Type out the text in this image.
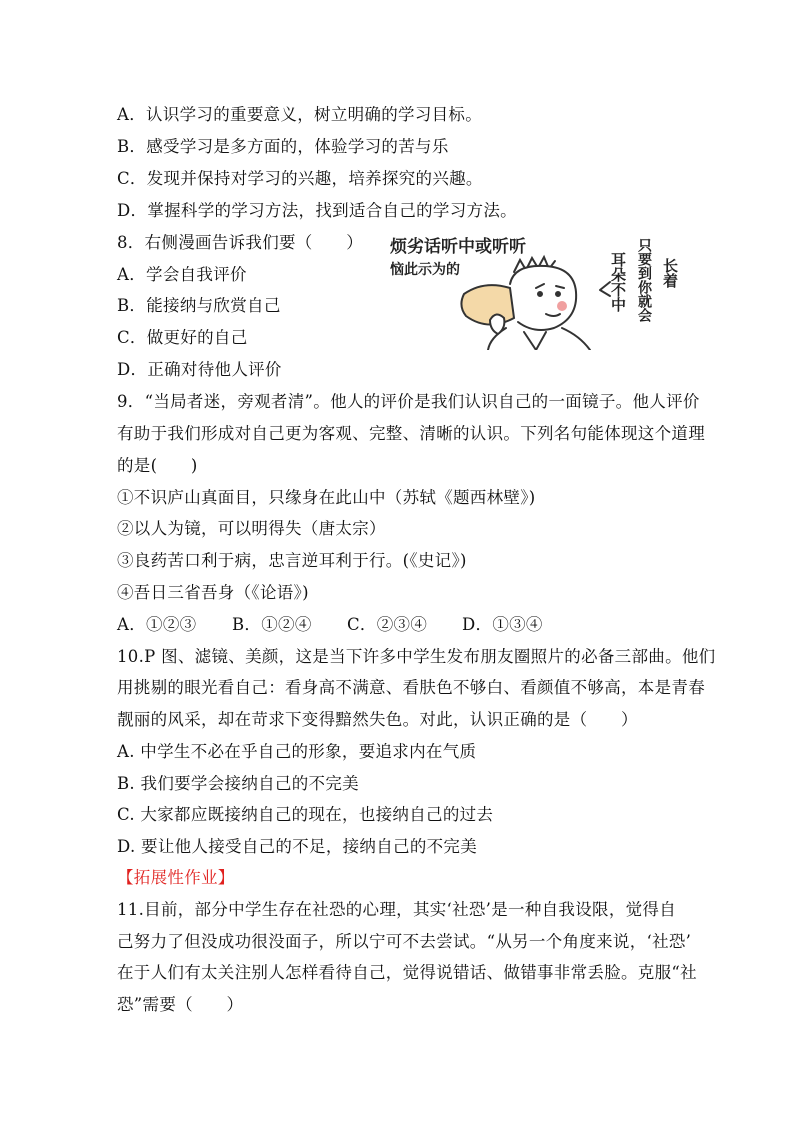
A．认识学习的重要意义，树立明确的学习目标。
B．感受学习是多方面的，体验学习的苦与乐
C．发现并保持对学习的兴趣，培养探究的兴趣。
D．掌握科学的学习方法，找到适合自己的学习方法。
8．右侧漫画告诉我们要（　　）
A．学会自我评价
B．能接纳与欣赏自己
C．做更好的自己
D．正确对待他人评价
烦劣话听中或听听
恼此示为的	耳朵不中 只要到你就会 长着
9．“当局者迷，旁观者清”。他人的评价是我们认识自己的一面镜子。他人评价
有助于我们形成对自己更为客观、完整、清晰的认识。下列名句能体现这个道理
的是(　　)
①不识庐山真面目，只缘身在此山中（苏轼《题西林壁》)
②以人为镜，可以明得失（唐太宗）
③良药苦口利于病，忠言逆耳利于行。(《史记》)
④吾日三省吾身（《论语》)
A．①②③ B．①②④ C．②③④ D．①③④
10.P 图、滤镜、美颜，这是当下许多中学生发布朋友圈照片的必备三部曲。他们
用挑剔的眼光看自己：看身高不满意、看肤色不够白、看颜值不够高，本是青春
靓丽的风采，却在苛求下变得黯然失色。对此，认识正确的是（　　）
A. 中学生不必在乎自己的形象，要追求内在气质
B. 我们要学会接纳自己的不完美
C. 大家都应既接纳自己的现在，也接纳自己的过去
D. 要让他人接受自己的不足，接纳自己的不完美
【拓展性作业】
11.目前，部分中学生存在社恐的心理，其实‘社恐’是一种自我设限，觉得自
己努力了但没成功很没面子，所以宁可不去尝试。“从另一个角度来说，‘社恐’
在于人们有太关注别人怎样看待自己，觉得说错话、做错事非常丢脸。克服“社
恐”需要（　　）
